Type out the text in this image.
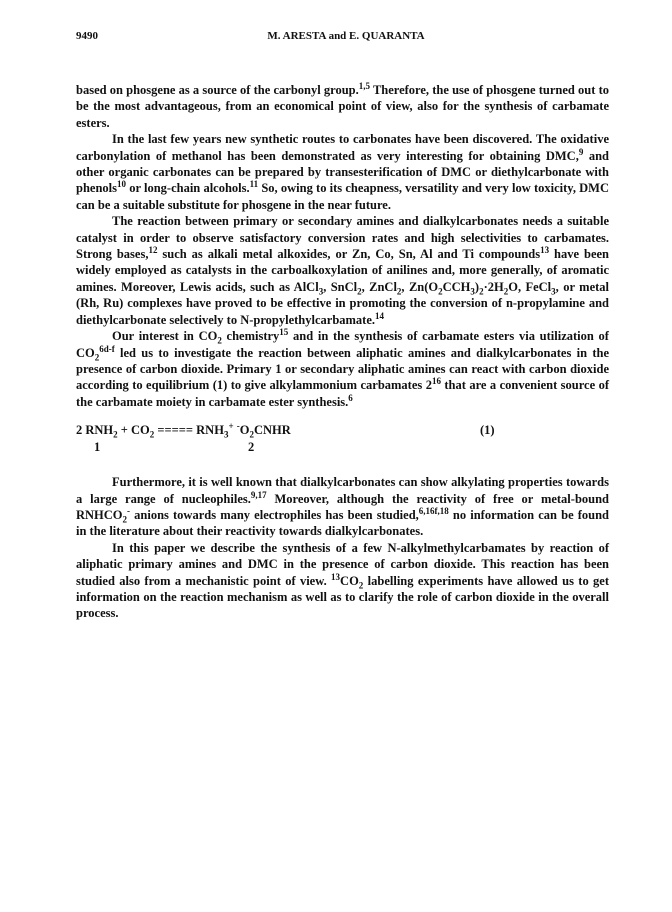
9490	M. ARESTA and E. QUARANTA

based on phosgene as a source of the carbonyl group.$^{1,5}$ Therefore, the use of phosgene turned out to be the most advantageous, from an economical point of view, also for the synthesis of carbamate esters.

In the last few years new synthetic routes to carbonates have been discovered. The oxidative carbonylation of methanol has been demonstrated as very interesting for obtaining DMC,$^9$ and other organic carbonates can be prepared by transesterification of DMC or diethylcarbonate with phenols$^{10}$ or long-chain alcohols.$^{11}$ So, owing to its cheapness, versatility and very low toxicity, DMC can be a suitable substitute for phosgene in the near future.

The reaction between primary or secondary amines and dialkylcarbonates needs a suitable catalyst in order to observe satisfactory conversion rates and high selectivities to carbamates. Strong bases,$^{12}$ such as alkali metal alkoxides, or Zn, Co, Sn, Al and Ti compounds$^{13}$ have been widely employed as catalysts in the carboalkoxylation of anilines and, more generally, of aromatic amines. Moreover, Lewis acids, such as AlCl$_3$, SnCl$_2$, ZnCl$_2$, $Zn(O_2CCH_3)_2\cdot 2H_2O$, FeCl$_3$, or metal (Rh, Ru) complexes have proved to be effective in promoting the conversion of n-propylamine and diethylcarbonate selectively to N-propylethylcarbamate.$^{14}$

Our interest in $CO_2$ chemistry$^{15}$ and in the synthesis of carbamate esters via utilization of $CO_2^{6d-f}$ led us to investigate the reaction between aliphatic amines and dialkylcarbonates in the presence of carbon dioxide. Primary 1 or secondary aliphatic amines can react with carbon dioxide according to equilibrium (1) to give alkylammonium carbamates $2^{16}$ that are a convenient source of the carbamate moiety in carbamate ester synthesis.$^6$

2 $RNH_2 + CO_2$ ===== $RNH_3^+$ $^-O_2CNHR$	(1)
1	2

Furthermore, it is well known that dialkylcarbonates can show alkylating properties towards a large range of nucleophiles.$^{9,17}$ Moreover, although the reactivity of free or metal-bound $RNHCO_2^-$ anions towards many electrophiles has been studied,$^{6,16f,18}$ no information can be found in the literature about their reactivity towards dialkylcarbonates.

In this paper we describe the synthesis of a few N-alkylmethylcarbamates by reaction of aliphatic primary amines and DMC in the presence of carbon dioxide. This reaction has been studied also from a mechanistic point of view. $^{13}CO_2$ labelling experiments have allowed us to get information on the reaction mechanism as well as to clarify the role of carbon dioxide in the overall process.
